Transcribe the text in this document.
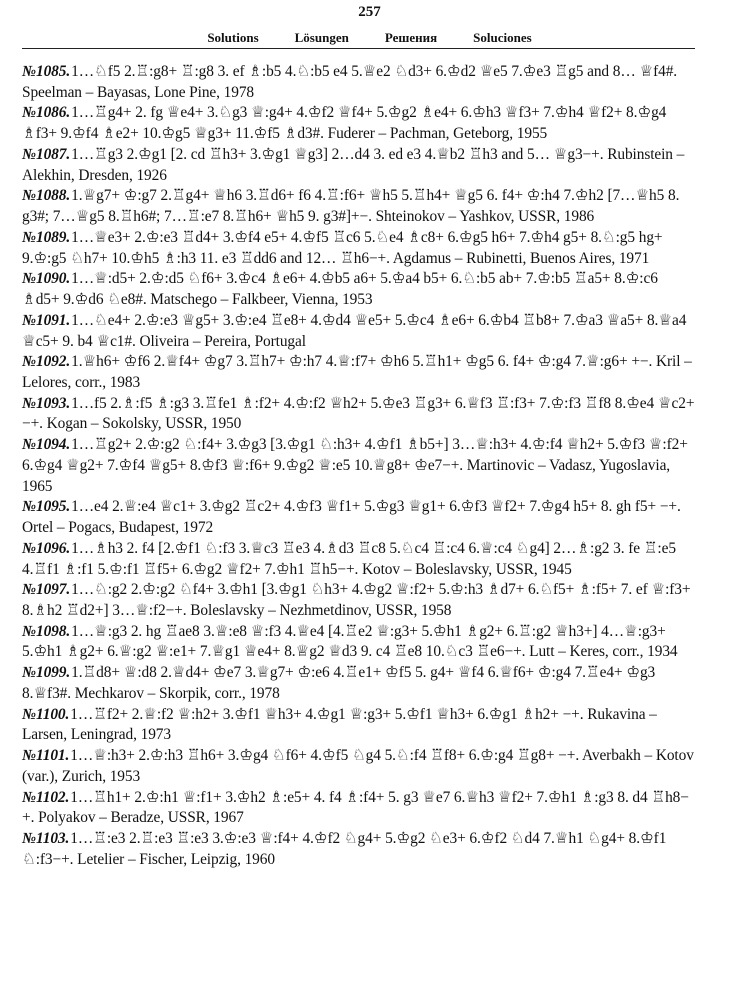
257
Solutions	Lösungen	Решения	Soluciones
№1085.1…♘f5 2.♖:g8+ ♖:g8 3. ef ♗:b5 4.♘:b5 e4 5.♕e2 ♘d3+ 6.♔d2 ♕e5 7.♔e3 ♖g5 and 8… ♕f4#. Speelman – Bayasas, Lone Pine, 1978
№1086.1…♖g4+ 2. fg ♕e4+ 3.♘g3 ♕:g4+ 4.♔f2 ♕f4+ 5.♔g2 ♗e4+ 6.♔h3 ♕f3+ 7.♔h4 ♕f2+ 8.♔g4 ♗f3+ 9.♔f4 ♗e2+ 10.♔g5 ♕g3+ 11.♔f5 ♗d3#. Fuderer – Pachman, Geteborg, 1955
№1087.1…♖g3 2.♔g1 [2. cd ♖h3+ 3.♔g1 ♕g3] 2…d4 3. ed e3 4.♕b2 ♖h3 and 5… ♕g3−+. Rubinstein – Alekhin, Dresden, 1926
№1088.1.♕g7+ ♔:g7 2.♖g4+ ♕h6 3.♖d6+ f6 4.♖:f6+ ♕h5 5.♖h4+ ♕g5 6. f4+ ♔:h4 7.♔h2 [7…♕h5 8. g3#; 7…♕g5 8.♖h6#; 7…♖:e7 8.♖h6+ ♕h5 9. g3#]+−. Shteinokov – Yashkov, USSR, 1986
№1089.1…♕e3+ 2.♔:e3 ♖d4+ 3.♔f4 e5+ 4.♔f5 ♖c6 5.♘e4 ♗c8+ 6.♔g5 h6+ 7.♔h4 g5+ 8.♘:g5 hg+ 9.♔:g5 ♘h7+ 10.♔h5 ♗:h3 11. e3 ♖dd6 and 12… ♖h6−+. Agdamus – Rubinetti, Buenos Aires, 1971
№1090.1…♕:d5+ 2.♔:d5 ♘f6+ 3.♔c4 ♗e6+ 4.♔b5 a6+ 5.♔a4 b5+ 6.♘:b5 ab+ 7.♔:b5 ♖a5+ 8.♔:c6 ♗d5+ 9.♔d6 ♘e8#. Matschego – Falkbeer, Vienna, 1953
№1091.1…♘e4+ 2.♔:e3 ♕g5+ 3.♔:e4 ♖e8+ 4.♔d4 ♕e5+ 5.♔c4 ♗e6+ 6.♔b4 ♖b8+ 7.♔a3 ♕a5+ 8.♕a4 ♕c5+ 9. b4 ♕c1#. Oliveira – Pereira, Portugal
№1092.1.♕h6+ ♔f6 2.♕f4+ ♔g7 3.♖h7+ ♔:h7 4.♕:f7+ ♔h6 5.♖h1+ ♔g5 6. f4+ ♔:g4 7.♕:g6+ +−. Kril – Lelores, corr., 1983
№1093.1…f5 2.♗:f5 ♗:g3 3.♖fe1 ♗:f2+ 4.♔:f2 ♕h2+ 5.♔e3 ♖g3+ 6.♕f3 ♖:f3+ 7.♔:f3 ♖f8 8.♔e4 ♕c2+ −+. Kogan – Sokolsky, USSR, 1950
№1094.1…♖g2+ 2.♔:g2 ♘:f4+ 3.♔g3 [3.♔g1 ♘:h3+ 4.♔f1 ♗b5+] 3…♕:h3+ 4.♔:f4 ♕h2+ 5.♔f3 ♕:f2+ 6.♔g4 ♕g2+ 7.♔f4 ♕g5+ 8.♔f3 ♕:f6+ 9.♔g2 ♕:e5 10.♕g8+ ♔e7−+. Martinovic – Vadasz, Yugoslavia, 1965
№1095.1…e4 2.♕:e4 ♕c1+ 3.♔g2 ♖c2+ 4.♔f3 ♕f1+ 5.♔g3 ♕g1+ 6.♔f3 ♕f2+ 7.♔g4 h5+ 8. gh f5+ −+. Ortel – Pogacs, Budapest, 1972
№1096.1…♗h3 2. f4 [2.♔f1 ♘:f3 3.♕c3 ♖e3 4.♗d3 ♖c8 5.♘c4 ♖:c4 6.♕:c4 ♘g4] 2…♗:g2 3. fe ♖:e5 4.♖f1 ♗:f1 5.♔:f1 ♖f5+ 6.♔g2 ♕f2+ 7.♔h1 ♖h5−+. Kotov – Boleslavsky, USSR, 1945
№1097.1…♘:g2 2.♔:g2 ♘f4+ 3.♔h1 [3.♔g1 ♘h3+ 4.♔g2 ♕:f2+ 5.♔:h3 ♗d7+ 6.♘f5+ ♗:f5+ 7. ef ♕:f3+ 8.♗h2 ♖d2+] 3…♕:f2−+. Boleslavsky – Nezhmetdinov, USSR, 1958
№1098.1…♕:g3 2. hg ♖ae8 3.♕:e8 ♕:f3 4.♕e4 [4.♖e2 ♕:g3+ 5.♔h1 ♗g2+ 6.♖:g2 ♕h3+] 4…♕:g3+ 5.♔h1 ♗g2+ 6.♕:g2 ♕:e1+ 7.♕g1 ♕e4+ 8.♕g2 ♕d3 9. c4 ♖e8 10.♘c3 ♖e6−+. Lutt – Keres, corr., 1934
№1099.1.♖d8+ ♕:d8 2.♕d4+ ♔e7 3.♕g7+ ♔:e6 4.♖e1+ ♔f5 5. g4+ ♕f4 6.♕f6+ ♔:g4 7.♖e4+ ♔g3 8.♕f3#. Mechkarov – Skorpik, corr., 1978
№1100.1…♖f2+ 2.♕:f2 ♕:h2+ 3.♔f1 ♕h3+ 4.♔g1 ♕:g3+ 5.♔f1 ♕h3+ 6.♔g1 ♗h2+ −+. Rukavina – Larsen, Leningrad, 1973
№1101.1…♕:h3+ 2.♔:h3 ♖h6+ 3.♔g4 ♘f6+ 4.♔f5 ♘g4 5.♘:f4 ♖f8+ 6.♔:g4 ♖g8+ −+. Averbakh – Kotov (var.), Zurich, 1953
№1102.1…♖h1+ 2.♔:h1 ♕:f1+ 3.♔h2 ♗:e5+ 4. f4 ♗:f4+ 5. g3 ♕e7 6.♕h3 ♕f2+ 7.♔h1 ♗:g3 8. d4 ♖h8−+. Polyakov – Beradze, USSR, 1967
№1103.1…♖:e3 2.♖:e3 ♖:e3 3.♔:e3 ♕:f4+ 4.♔f2 ♘g4+ 5.♔g2 ♘e3+ 6.♔f2 ♘d4 7.♕h1 ♘g4+ 8.♔f1 ♘:f3−+. Letelier – Fischer, Leipzig, 1960
